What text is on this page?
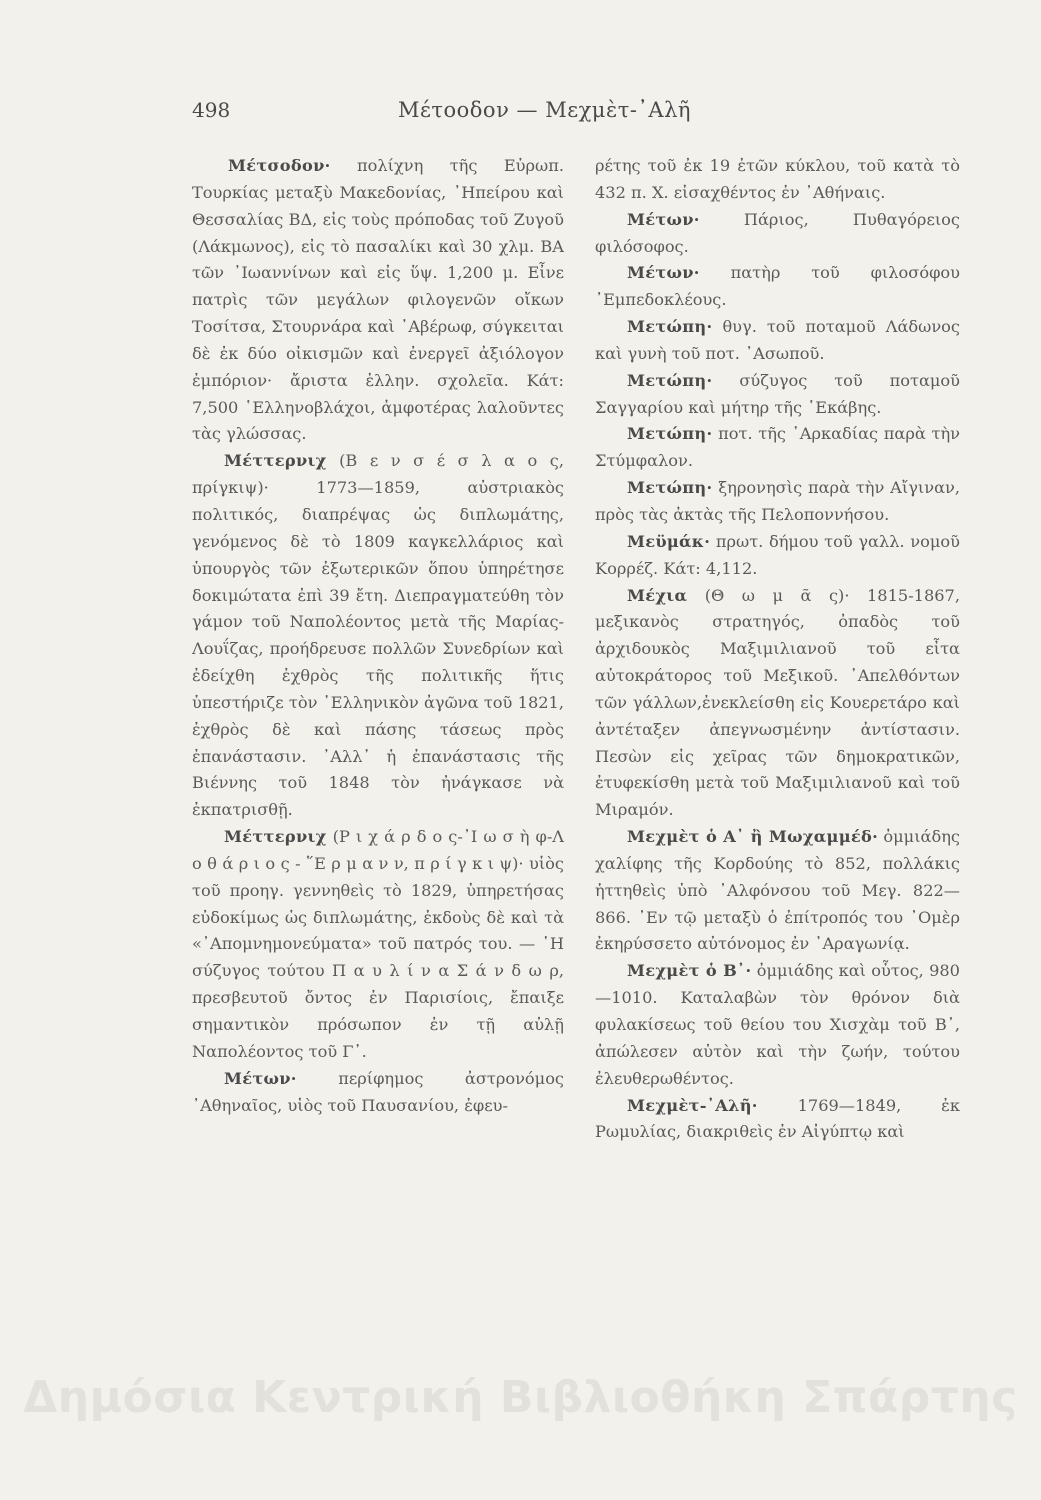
498	Μέτοοδον — Μεχμὲτ-᾿Αλῆ

Μέτσοδον· πολίχνη τῆς Εὐρωπ. Τουρκίας μεταξὺ Μακεδονίας, ᾿Ηπείρου καὶ Θεσσαλίας ΒΔ, εἰς τοὺς πρόποδας τοῦ Ζυγοῦ (Λάκμωνος), εἰς τὸ πασαλίκι καὶ 30 χλμ. ΒΑ τῶν ᾿Ιωαννίνων καὶ εἰς ὕψ. 1,200 μ. Εἶνε πατρὶς τῶν μεγάλων φιλογενῶν οἴκων Τοσίτσα, Στουρνάρα καὶ ᾿Αβέρωφ, σύγκειται δὲ ἐκ δύο οἰκισμῶν καὶ ἐνεργεῖ ἀξιόλογον ἐμπόριον· ἄριστα ἑλλην. σχολεῖα. Κάτ: 7,500 ῾Ελληνοβλάχοι, ἀμφοτέρας λαλοῦντες τὰς γλώσσας.

Μέττερνιχ (Β ε ν σ έ σ λ α ο ς, πρίγκιψ)· 1773—1859, αὐστριακὸς πολιτικός, διαπρέψας ὡς διπλωμάτης, γενόμενος δὲ τὸ 1809 καγκελλάριος καὶ ὑπουργὸς τῶν ἐξωτερικῶν ὅπου ὑπηρέτησε δοκιμώτατα ἐπὶ 39 ἔτη. Διεπραγματεύθη τὸν γάμον τοῦ Ναπολέοντος μετὰ τῆς Μαρίας-Λουΐζας, προήδρευσε πολλῶν Συνεδρίων καὶ ἐδείχθη ἐχθρὸς τῆς πολιτικῆς ἥτις ὑπεστήριζε τὸν ῾Ελληνικὸν ἀγῶνα τοῦ 1821, ἐχθρὸς δὲ καὶ πάσης τάσεως πρὸς ἐπανάστασιν. ᾿Αλλ᾿ ἡ ἐπανάστασις τῆς Βιέννης τοῦ 1848 τὸν ἠνάγκασε νὰ ἐκπατρισθῇ.

Μέττερνιχ (Ρ ι χ ά ρ δ ο ς-᾿Ι ω σ ὴ φ-Λ ο θ ά ρ ι ο ς - ῞Ε ρ μ α ν ν, π ρ ί γ κ ι ψ)· υἱὸς τοῦ προηγ. γεννηθεὶς τὸ 1829, ὑπηρετήσας εὐδοκίμως ὡς διπλωμάτης, ἐκδοὺς δὲ καὶ τὰ «᾿Απομνημονεύματα» τοῦ πατρός του. — ῾Η σύζυγος τούτου Π α υ λ ί ν α Σ ά ν δ ω ρ, πρεσβευτοῦ ὄντος ἐν Παρισίοις, ἔπαιξε σημαντικὸν πρόσωπον ἐν τῇ αὐλῇ Ναπολέοντος τοῦ Γ᾿.

Μέτων·	περίφημος ἀστρονόμος ᾿Αθηναῖος, υἱὸς τοῦ Παυσανίου, ἐφευ-

ρέτης τοῦ ἐκ 19 ἐτῶν κύκλου, τοῦ κατὰ τὸ 432 π. Χ. εἰσαχθέντος ἐν ᾿Αθήναις.

Μέτων·	Πάριος, Πυθαγόρειος φιλόσοφος.

Μέτων· πατὴρ τοῦ φιλοσόφου ᾿Εμπεδοκλέους.

Μετώπη· θυγ. τοῦ ποταμοῦ Λάδωνος καὶ γυνὴ τοῦ ποτ. ᾿Ασωποῦ.

Μετώπη· σύζυγος τοῦ ποταμοῦ Σαγγαρίου καὶ μήτηρ τῆς ῾Εκάβης.

Μετώπη· ποτ. τῆς ᾿Αρκαδίας παρὰ τὴν Στύμφαλον.

Μετώπη· ξηρονησὶς παρὰ τὴν Αἴγιναν, πρὸς τὰς ἀκτὰς τῆς Πελοποννήσου.

Μεϋμάκ· πρωτ. δήμου τοῦ γαλλ. νομοῦ Κορρέζ. Κάτ: 4,112.

Μέχια (Θ ω μ ᾶ ς)· 1815-1867, μεξικανὸς στρατηγός, ὀπαδὸς τοῦ ἀρχιδουκὸς Μαξιμιλιανοῦ τοῦ εἶτα αὐτοκράτορος τοῦ Μεξικοῦ. ᾿Απελθόντων τῶν γάλλων,ἐνεκλείσθη εἰς Κουερετάρο καὶ ἀντέταξεν ἀπεγνωσμένην ἀντίστασιν. Πεσὼν εἰς χεῖρας τῶν δημοκρατικῶν, ἐτυφεκίσθη μετὰ τοῦ Μαξιμιλιανοῦ καὶ τοῦ Μιραμόν.

Μεχμὲτ ὁ Α᾿ ἢ Μωχαμμέδ· ὀμμιάδης χαλίφης τῆς Κορδούης τὸ 852, πολλάκις ἡττηθεὶς ὑπὸ ᾿Αλφόνσου τοῦ Μεγ. 822—866. ᾿Εν τῷ μεταξὺ ὁ ἐπίτροπός του ᾿Ομὲρ ἐκηρύσσετο αὐτόνομος ἐν ᾿Αραγωνίᾳ.

Μεχμὲτ ὁ Β᾿· ὀμμιάδης καὶ οὗτος, 980—1010. Καταλαβὼν τὸν θρόνον διὰ φυλακίσεως τοῦ θείου του Χισχὰμ τοῦ Β᾿, ἀπώλεσεν αὐτὸν καὶ τὴν ζωήν, τούτου ἐλευθερωθέντος.

Μεχμὲτ-᾿Αλῆ· 1769—1849, ἐκ Ρωμυλίας, διακριθεὶς ἐν Αἰγύπτῳ καὶ

Δημόσια Κεντρική Βιβλιοθήκη Σπάρτης
